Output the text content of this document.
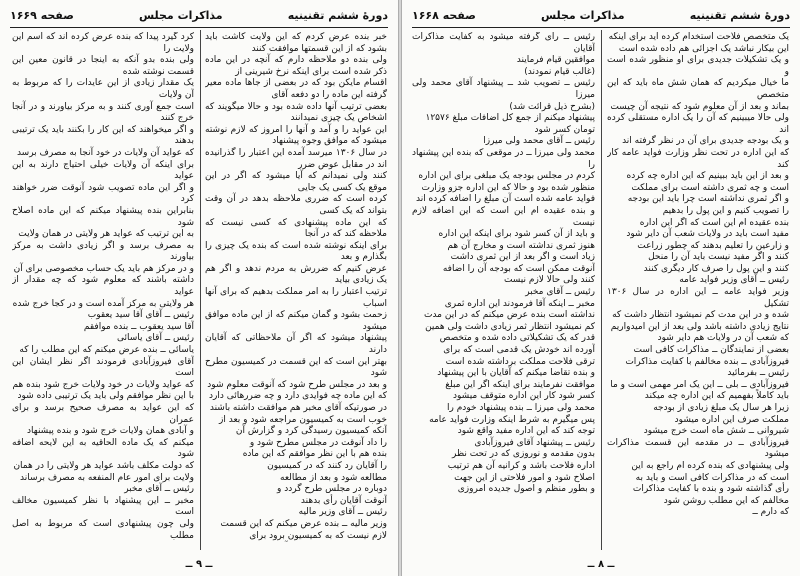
دورهٔ ششم تقنینیه
مذاکرات مجلس
صفحه ۱۶۶۹

خبر بنده عرض کردم که این ولایت کاشت باید بشود که از این قسمتها موافقت کنند

ولی بنده دو ملاحظه دارم که آنچه در این ماده ذکر شده است برای اینکه نرخ شیرینی از

اقسام مایکن بود که در بعضی از جاها ماده معیر گرفته این ماده را دو دفعه آقای

بعضی ترتیب آنها داده شده بود و حالا میگویند که اشخاص یک چیزی نمیدانند

این عواید را و آمد و آنها را امروز که لازم نوشته میشود که موافق وجوه پیشنهاد

در سال ۱۳۰۶ میرسد آمده این اعتبار را گذرانیده اند در مقابل عوض ضرر

کنند ولی نمیدانم که آیا میشود که اگر در این موقع یک کسی یک جایی

کرده است که ضرری ملاحظه بدهد در آن وقت بتواند که یک کسی

که این ماده پیشنهادی که کسی نیست که ملاحظه کند که در آنجا

برای اینکه نوشته شده است که بنده یک چیزی را بگذارم و بعد

عرض کنیم که ضررش به مردم ندهد و اگر هم یک زیادی بیاید

ترتیب اعتبار را به امر مملکت بدهیم که برای آنها اسباب

زحمت بشود و گمان میکنم که از این ماده موافق میشود

پیشنهاد میشود که اگر آن ملاحظاتی که آقایان دارند

بهتر این است که این قسمت در کمیسیون مطرح شود

و بعد در مجلس طرح شود که آنوقت معلوم شود

که این ماده چه فوایدی دارد و چه ضررهائی دارد

در صورتیکه آقای مخبر هم موافقت داشته باشند

خوب است به کمیسیون مراجعه شود و بعد از

آنکه کمیسیون رسیدگی کرد و گزارش آن

را داد آنوقت در مجلس مطرح شود و

بنده هم با این نظر موافقم که این ماده

را آقایان رد کنند که در کمیسیون

مطالعه شود و بعد از مطالعه

دوباره در مجلس طرح گردد و

آنوقت آقایان رأی بدهند

رئیس ــ آقای وزیر مالیه

وزیر مالیه ــ بنده عرض میکنم که این قسمت

لازم نیست که به کمیسیون برود برای

کرد گیرد پیدا که بنده عرض کرده اند که اسم این ولایت را

ولی بنده بدو آنکه به اینجا در قانون معین این قسمت نوشته شده

یک مقدار زیادی از این عایدات را که مربوط به آن ولایات

است جمع آوری کنند و به مرکز بیاورند و در آنجا خرج کنند

و اگر میخواهند که این کار را بکنند باید یک ترتیبی بدهند

که عواید آن ولایات در خود آنجا به مصرف برسد

برای اینکه آن ولایات خیلی احتیاج دارند به این عواید

و اگر این ماده تصویب شود آنوقت ضرر خواهند کرد

بنابراین بنده پیشنهاد میکنم که این ماده اصلاح شود

به این ترتیب که عواید هر ولایتی در همان ولایت

به مصرف برسد و اگر زیادی داشت به مرکز بیاورند

و در مرکز هم باید یک حساب مخصوصی برای آن

داشته باشند که معلوم شود که چه مقدار از عواید

هر ولایتی به مرکز آمده است و در کجا خرج شده

رئیس ــ آقای آقا سید یعقوب

آقا سید یعقوب ــ بنده موافقم

رئیس ــ آقای یاسائی

یاسائی ــ بنده عرض میکنم که این مطلب را که

آقای فیروزآبادی فرمودند اگر نظر ایشان این است

که عواید ولایات در خود ولایات خرج شود بنده هم

با این نظر موافقم ولی باید یک ترتیبی داده شود

که این عواید به مصرف صحیح برسد و برای عمران

و آبادی همان ولایات خرج شود و بنده پیشنهاد

میکنم که یک ماده الحاقیه به این لایحه اضافه شود

که دولت مکلف باشد عواید هر ولایتی را در همان

ولایت برای امور عام المنفعه به مصرف برساند

رئیس ــ آقای مخبر

مخبر ــ این پیشنهاد با نظر کمیسیون مخالف است

ولی چون پیشنهادی است که مربوط به اصل مطلب

ــ ۹ ــ
دورهٔ ششم تقنینیه
مذاکرات مجلس
صفحه ۱۶۶۸

یک متخصص فلاحت استخدام کرده اید برای اینکه

این بیکار نباشد یک اجزائی هم داده شده است

و یک تشکیلات جدیدی برای او منظور شده است و

ما خیال میکردیم که همان شش ماه باید که این متخصص

بماند و بعد از آن معلوم شود که نتیجه آن چیست

ولی حالا میبینیم که آن را یک اداره مستقلی کرده اند

و یک بودجه جدیدی برای آن در نظر گرفته اند

که این اداره در تحت نظر وزارت فواید عامه کار کند

و بعد از این باید ببینیم که این اداره چه کرده

است و چه ثمری داشته است برای مملکت

و اگر ثمری نداشته است چرا باید این بودجه

را تصویب کنیم و این پول را بدهیم

بنده عقیده ام این است که اگر این اداره

مفید است باید در ولایات شعب آن دایر شود

و زارعین را تعلیم بدهند که چطور زراعت

کنند و اگر مفید نیست باید آن را منحل

کنند و این پول را صرف کار دیگری کنند

رئیس ــ آقای وزیر فواید عامه

وزیر فواید عامه ــ این اداره در سال ۱۳۰۶ تشکیل

شده و در این مدت کم نمیشود انتظار داشت که

نتایج زیادی داشته باشد ولی بعد از این امیدواریم

که شعب آن در ولایات هم دایر شود

بعضی از نمایندگان ــ مذاکرات کافی است

فیروزآبادی ــ بنده مخالفم با کفایت مذاکرات

رئیس ــ بفرمائید

فیروزآبادی ــ بلی ــ این یک امر مهمی است و ما

باید کاملاً بفهمیم که این اداره چه میکند

زیرا هر سال یک مبلغ زیادی از بودجه

مملکت صرف این اداره میشود

شیروانی ــ شش ماه است خرج میشود

فیروزآبادی ــ در مقدمه این قسمت مذاکرات میشود

ولی پیشنهادی که بنده کرده ام راجع به این

است که در مذاکرات کافی است و باید به

رأی گذاشته شود و بنده با کفایت مذاکرات

مخالفم که این مطلب روشن شود

که دارم ــ

رئیس ــ رأی گرفته میشود به کفایت مذاکرات آقایان

موافقین قیام فرمایند

(غالب قیام نمودند)

رئیس ــ تصویب شد ــ پیشنهاد آقای محمد ولی میرزا

(بشرح ذیل قرائت شد)

پیشنهاد میکنم از جمع کل اضافات مبلغ ۱۲۵۷۶

تومان کسر شود

رئیس ــ آقای محمد ولی میرزا

محمد ولی میرزا ــ در موقعی که بنده این پیشنهاد را

کردم در مجلس بودجه یک مبلغی برای این اداره

منظور شده بود و حالا که این اداره جزو وزارت

فواید عامه شده است آن مبلغ را اضافه کرده اند

و بنده عقیده ام این است که این اضافه لازم نیست

و باید از آن کسر شود برای اینکه این اداره

هنوز ثمری نداشته است و مخارج آن هم

زیاد است و اگر بعد از این ثمری داشت

آنوقت ممکن است که بودجه آن را اضافه

کنند ولی حالا لازم نیست

رئیس ــ آقای مخبر

مخبر ــ اینکه آقا فرمودند این اداره ثمری

نداشته است بنده عرض میکنم که در این مدت

کم نمیشود انتظار ثمر زیادی داشت ولی همین

قدر که یک تشکیلاتی داده شده و متخصص

آورده اند خودش یک قدمی است که برای

ترقی فلاحت مملکت برداشته شده است

و بنده تقاضا میکنم که آقایان با این پیشنهاد

موافقت نفرمایند برای اینکه اگر این مبلغ

کسر شود کار این اداره متوقف میشود

محمد ولی میرزا ــ بنده پیشنهاد خودم را

پس میگیرم به شرط اینکه وزارت فواید عامه

توجه کند که این اداره مفید واقع شود

رئیس ــ پیشنهاد آقای فیروزآبادی

بدون مقدمه و نوروزی که در تحت نظر

اداره فلاحت باشد و کرانیه آن هم ترتیب

اصلاح شود و امور فلاحتی از این جهت

و بطور منظم و اصول جدیده امروزی

ــ ۸ ــ
